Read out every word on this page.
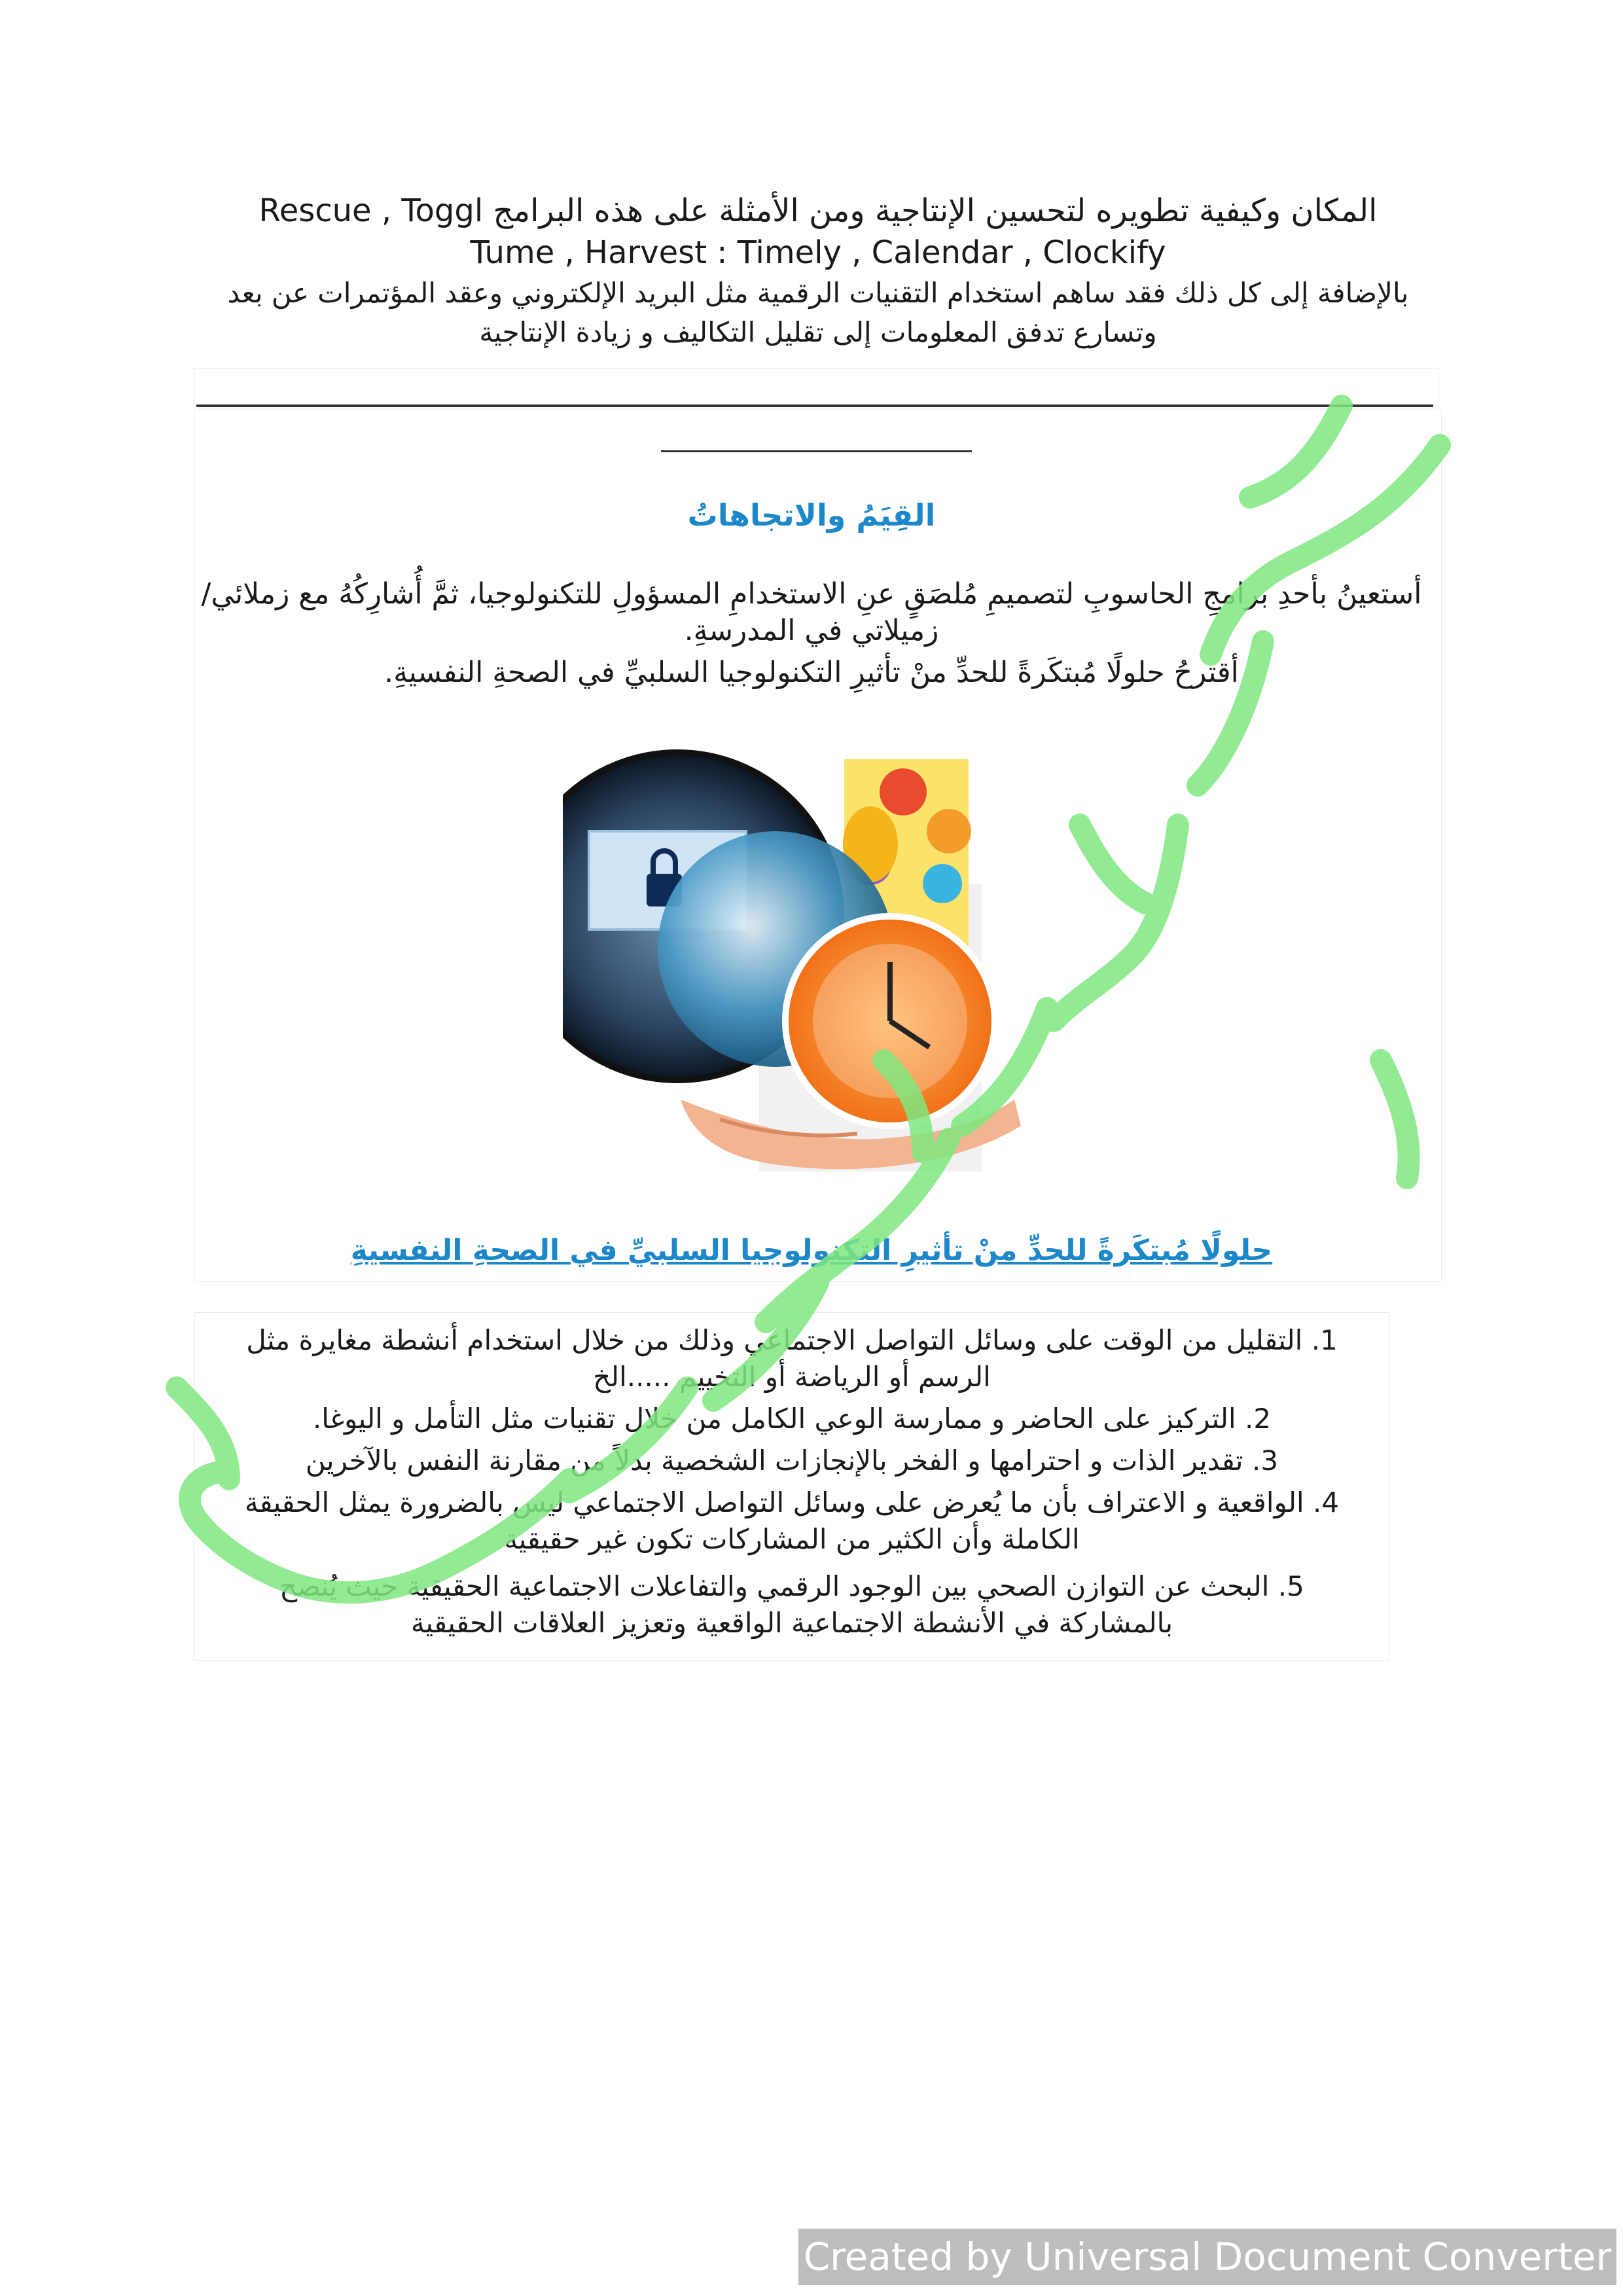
المكان وكيفية تطويره لتحسين الإنتاجية ومن الأمثلة على هذه البرامج Rescue , Toggl
Tume , Harvest : Timely , Calendar , Clockify
بالإضافة إلى كل ذلك فقد ساهم استخدام التقنيات الرقمية مثل البريد الإلكتروني وعقد المؤتمرات عن بعد
وتسارع تدفق المعلومات إلى تقليل التكاليف و زيادة الإنتاجية
القِيَمُ والاتجاهاتُ
أستعينُ بأحدِ برامجِ الحاسوبِ لتصميمِ مُلصَقٍ عنِ الاستخدامِ المسؤولِ للتكنولوجيا، ثمَّ أُشارِكُهُ مع زملائي/
زميلاتي في المدرسةِ.
أقترحُ حلولًا مُبتكَرةً للحدِّ منْ تأثيرِ التكنولوجيا السلبيِّ في الصحةِ النفسيةِ.
حلولًا مُبتكَرةً للحدِّ منْ تأثيرِ التكنولوجيا السلبيِّ في الصحةِ النفسيةِ
1. التقليل من الوقت على وسائل التواصل الاجتماعي وذلك من خلال استخدام أنشطة مغايرة مثل
الرسم أو الرياضة أو التخييم .....الخ
2. التركيز على الحاضر و ممارسة الوعي الكامل من خلال تقنيات مثل التأمل و اليوغا.
3. تقدير الذات و احترامها و الفخر بالإنجازات الشخصية بدلاً من مقارنة النفس بالآخرين
4. الواقعية و الاعتراف بأن ما يُعرض على وسائل التواصل الاجتماعي ليس بالضرورة يمثل الحقيقة
الكاملة وأن الكثير من المشاركات تكون غير حقيقية
5. البحث عن التوازن الصحي بين الوجود الرقمي والتفاعلات الاجتماعية الحقيقية حيث يُنصح
بالمشاركة في الأنشطة الاجتماعية الواقعية وتعزيز العلاقات الحقيقية
Created by Universal Document Converter
